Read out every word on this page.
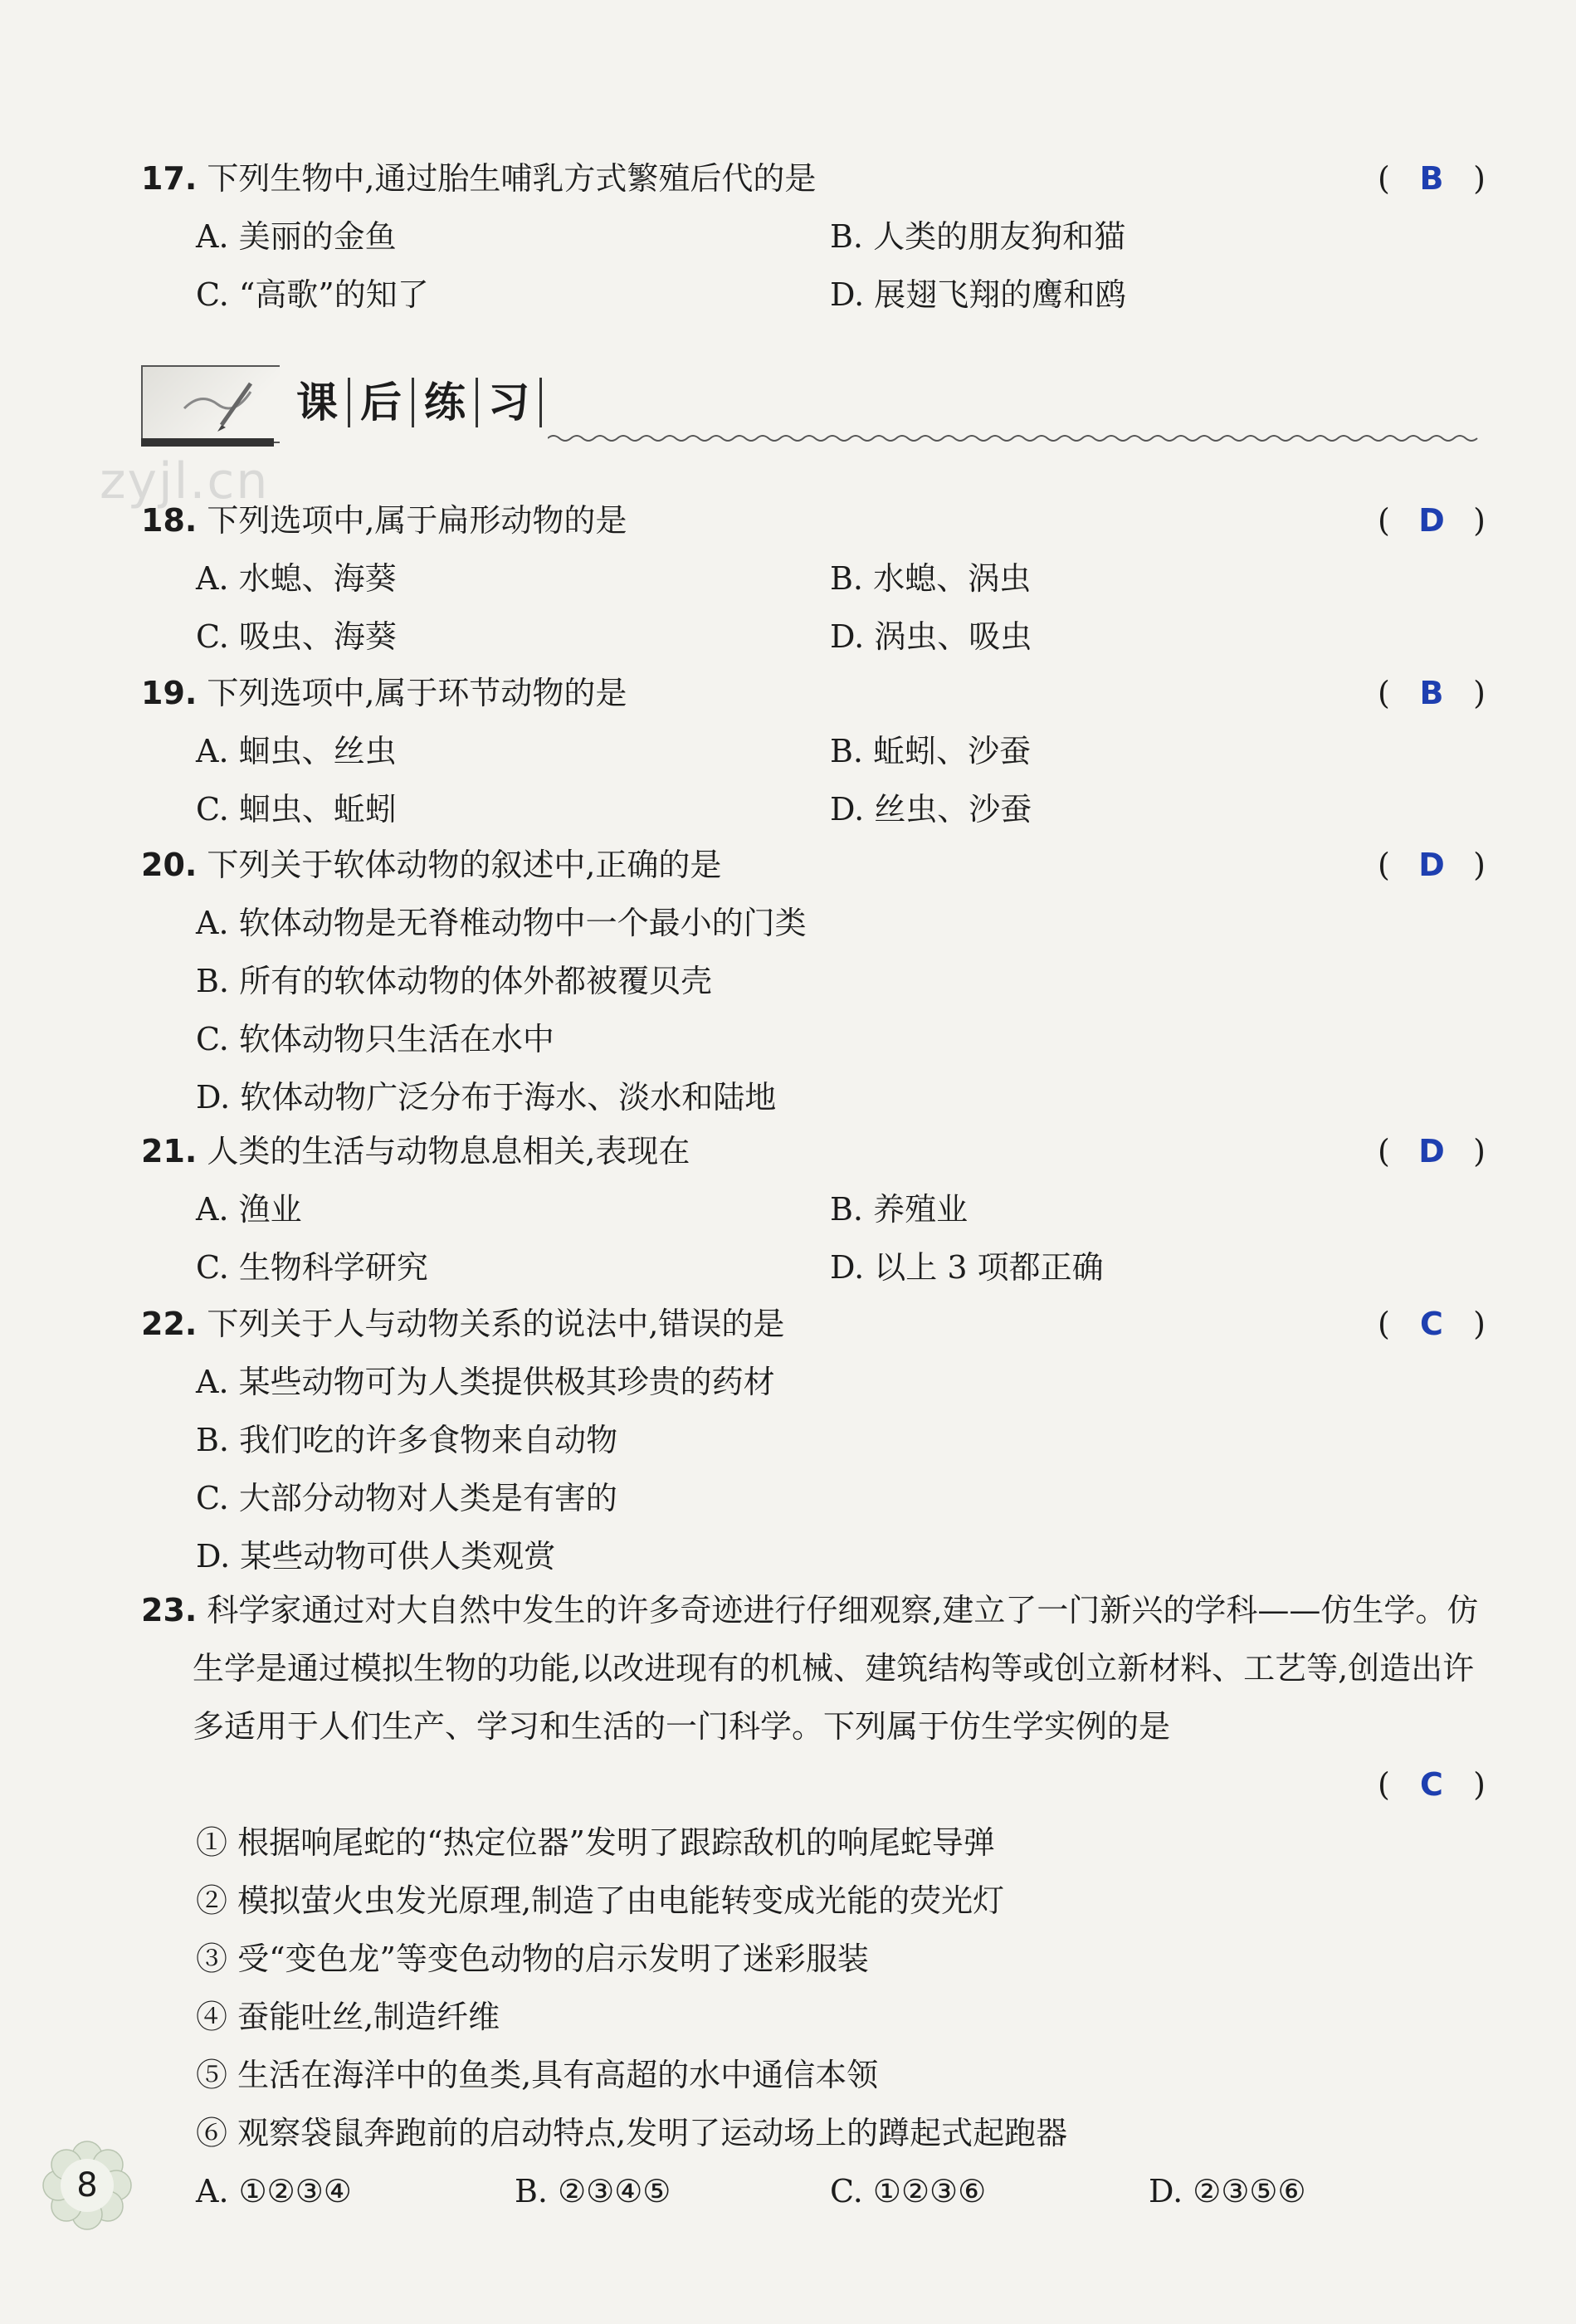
17. 下列生物中,通过胎生哺乳方式繁殖后代的是	( B )
A. 美丽的金鱼	B. 人类的朋友狗和猫
C. “高歌”的知了	D. 展翅飞翔的鹰和鸥
课 后 练 习
zyjl.cn
18. 下列选项中,属于扁形动物的是	( D )
A. 水螅、海葵	B. 水螅、涡虫
C. 吸虫、海葵	D. 涡虫、吸虫
19. 下列选项中,属于环节动物的是	( B )
A. 蛔虫、丝虫	B. 蚯蚓、沙蚕
C. 蛔虫、蚯蚓	D. 丝虫、沙蚕
20. 下列关于软体动物的叙述中,正确的是	( D )
A. 软体动物是无脊椎动物中一个最小的门类
B. 所有的软体动物的体外都被覆贝壳
C. 软体动物只生活在水中
D. 软体动物广泛分布于海水、淡水和陆地
21. 人类的生活与动物息息相关,表现在	( D )
A. 渔业	B. 养殖业
C. 生物科学研究	D. 以上 3 项都正确
22. 下列关于人与动物关系的说法中,错误的是	( C )
A. 某些动物可为人类提供极其珍贵的药材
B. 我们吃的许多食物来自动物
C. 大部分动物对人类是有害的
D. 某些动物可供人类观赏
23. 科学家通过对大自然中发生的许多奇迹进行仔细观察,建立了一门新兴的学科——仿生学。仿生学是通过模拟生物的功能,以改进现有的机械、建筑结构等或创立新材料、工艺等,创造出许多适用于人们生产、学习和生活的一门科学。下列属于仿生学实例的是
( C )
① 根据响尾蛇的“热定位器”发明了跟踪敌机的响尾蛇导弹
② 模拟萤火虫发光原理,制造了由电能转变成光能的荧光灯
③ 受“变色龙”等变色动物的启示发明了迷彩服装
④ 蚕能吐丝,制造纤维
⑤ 生活在海洋中的鱼类,具有高超的水中通信本领
⑥ 观察袋鼠奔跑前的启动特点,发明了运动场上的蹲起式起跑器
A. ①②③④	B. ②③④⑤	C. ①②③⑥	D. ②③⑤⑥
8
